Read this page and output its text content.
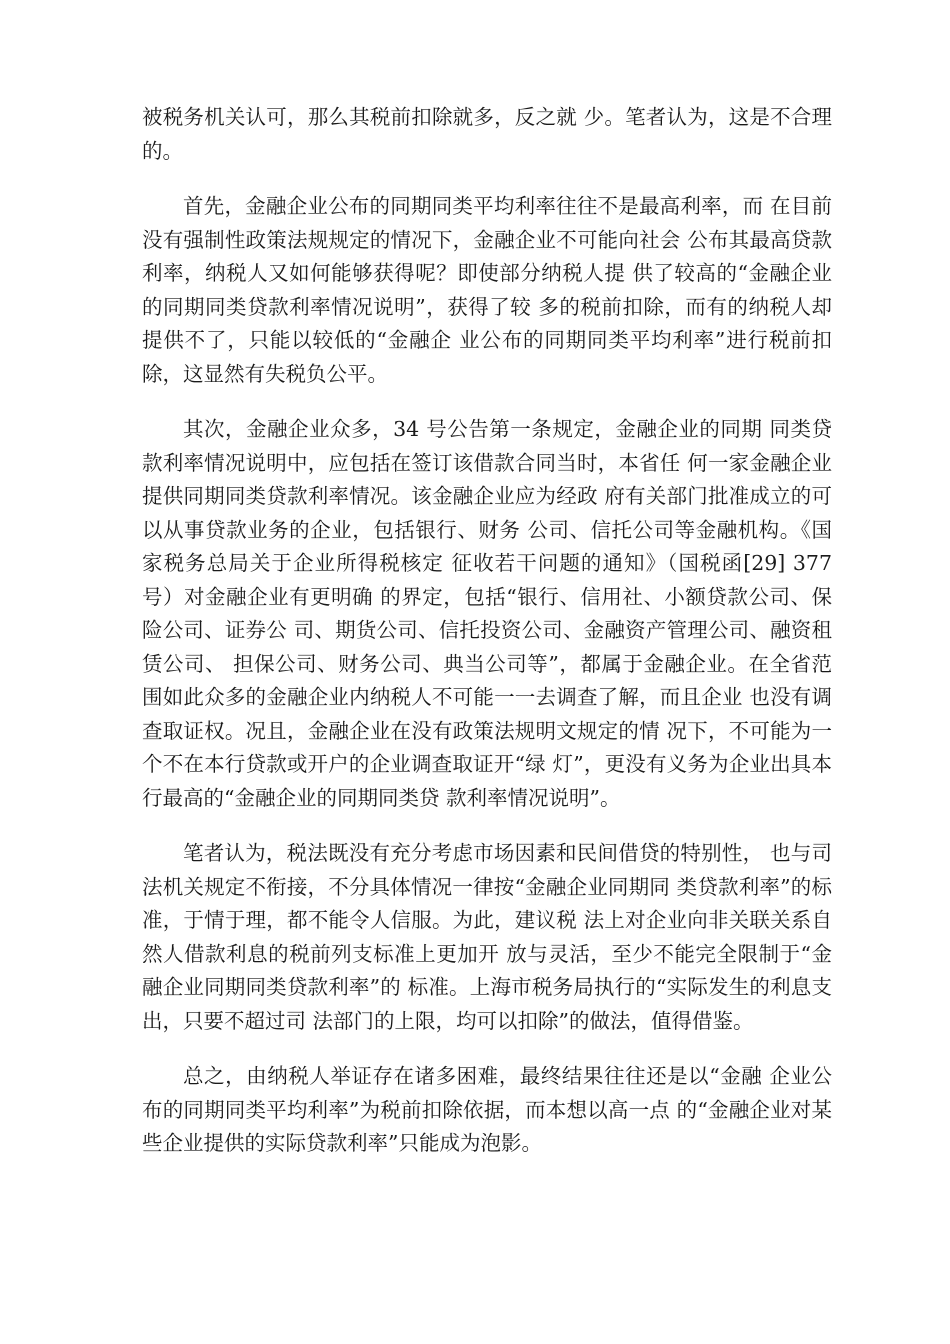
被税务机关认可，那么其税前扣除就多，反之就 少。笔者认为，这是不合理的。

首先，金融企业公布的同期同类平均利率往往不是最高利率，而 在目前没有强制性政策法规规定的情况下，金融企业不可能向社会 公布其最高贷款利率，纳税人又如何能够获得呢？即使部分纳税人提 供了较高的“金融企业的同期同类贷款利率情况说明”，获得了较 多的税前扣除，而有的纳税人却提供不了，只能以较低的“金融企 业公布的同期同类平均利率”进行税前扣除，这显然有失税负公平。

其次，金融企业众多，34 号公告第一条规定，金融企业的同期 同类贷款利率情况说明中，应包括在签订该借款合同当时，本省任 何一家金融企业提供同期同类贷款利率情况。该金融企业应为经政 府有关部门批准成立的可以从事贷款业务的企业，包括银行、财务 公司、信托公司等金融机构。《国家税务总局关于企业所得税核定 征收若干问题的通知》（国税函[29] 377 号）对金融企业有更明确 的界定，包括“银行、信用社、小额贷款公司、保险公司、证券公 司、期货公司、信托投资公司、金融资产管理公司、融资租赁公司、 担保公司、财务公司、典当公司等”，都属于金融企业。在全省范 围如此众多的金融企业内纳税人不可能一一去调查了解，而且企业 也没有调查取证权。况且，金融企业在没有政策法规明文规定的情 况下，不可能为一个不在本行贷款或开户的企业调查取证开“绿 灯”，更没有义务为企业出具本行最高的“金融企业的同期同类贷 款利率情况说明”。

笔者认为，税法既没有充分考虑市场因素和民间借贷的特别性， 也与司法机关规定不衔接，不分具体情况一律按“金融企业同期同 类贷款利率”的标准，于情于理，都不能令人信服。为此，建议税 法上对企业向非关联关系自然人借款利息的税前列支标准上更加开 放与灵活，至少不能完全限制于“金融企业同期同类贷款利率”的 标准。上海市税务局执行的“实际发生的利息支出，只要不超过司 法部门的上限，均可以扣除”的做法，值得借鉴。

总之，由纳税人举证存在诸多困难，最终结果往往还是以“金融 企业公布的同期同类平均利率”为税前扣除依据，而本想以高一点 的“金融企业对某些企业提供的实际贷款利率”只能成为泡影。
